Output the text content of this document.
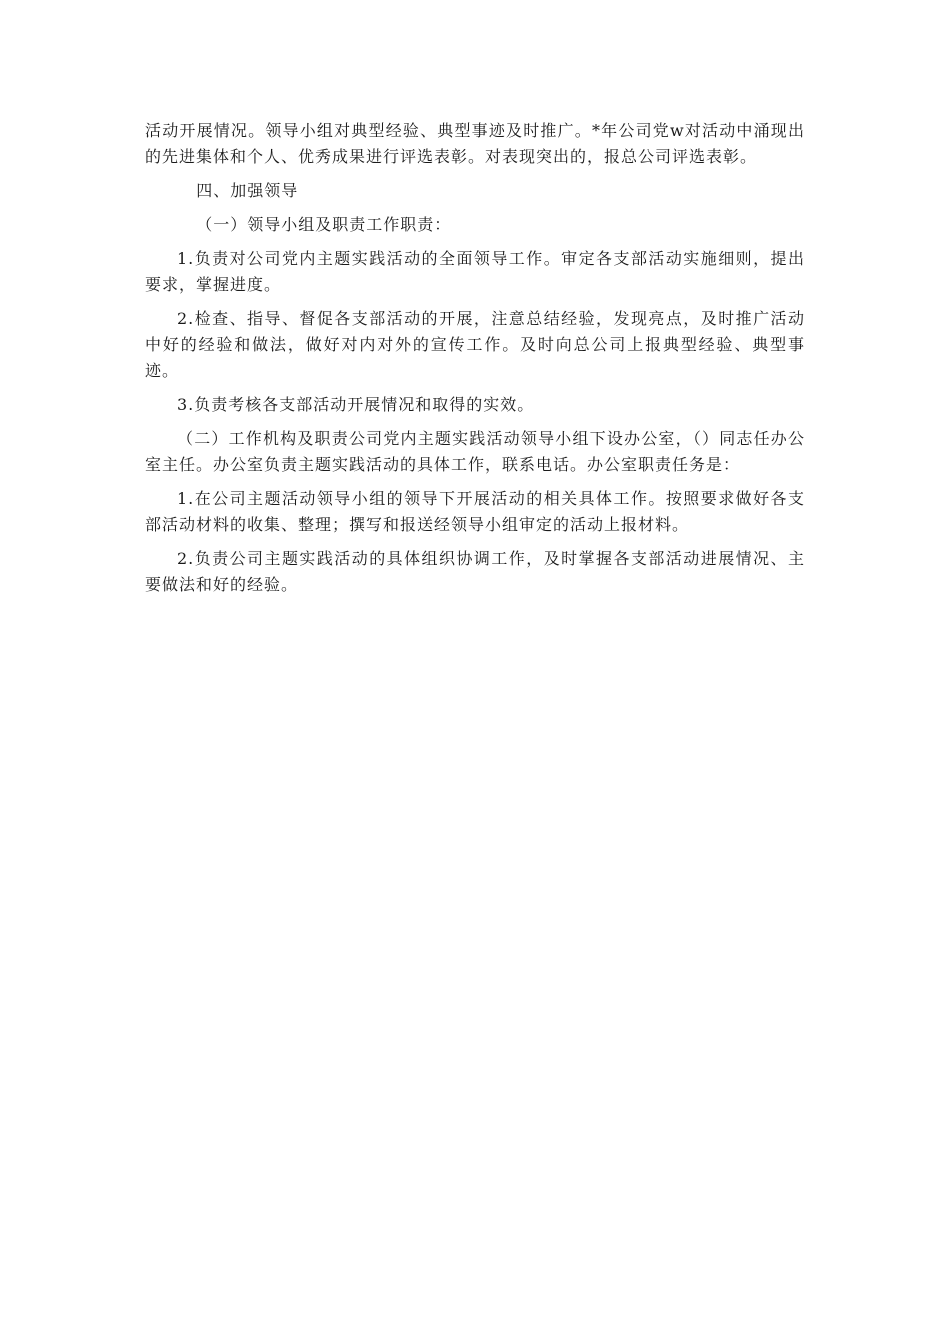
活动开展情况。领导小组对典型经验、典型事迹及时推广。*年公司党w对活动中涌现出的先进集体和个人、优秀成果进行评选表彰。对表现突出的，报总公司评选表彰。

四、加强领导

（一）领导小组及职责工作职责：

1.负责对公司党内主题实践活动的全面领导工作。审定各支部活动实施细则，提出要求，掌握进度。

2.检查、指导、督促各支部活动的开展，注意总结经验，发现亮点，及时推广活动中好的经验和做法，做好对内对外的宣传工作。及时向总公司上报典型经验、典型事迹。

3.负责考核各支部活动开展情况和取得的实效。

（二）工作机构及职责公司党内主题实践活动领导小组下设办公室，（）同志任办公室主任。办公室负责主题实践活动的具体工作，联系电话。办公室职责任务是：

1.在公司主题活动领导小组的领导下开展活动的相关具体工作。按照要求做好各支部活动材料的收集、整理；撰写和报送经领导小组审定的活动上报材料。

2.负责公司主题实践活动的具体组织协调工作，及时掌握各支部活动进展情况、主要做法和好的经验。
